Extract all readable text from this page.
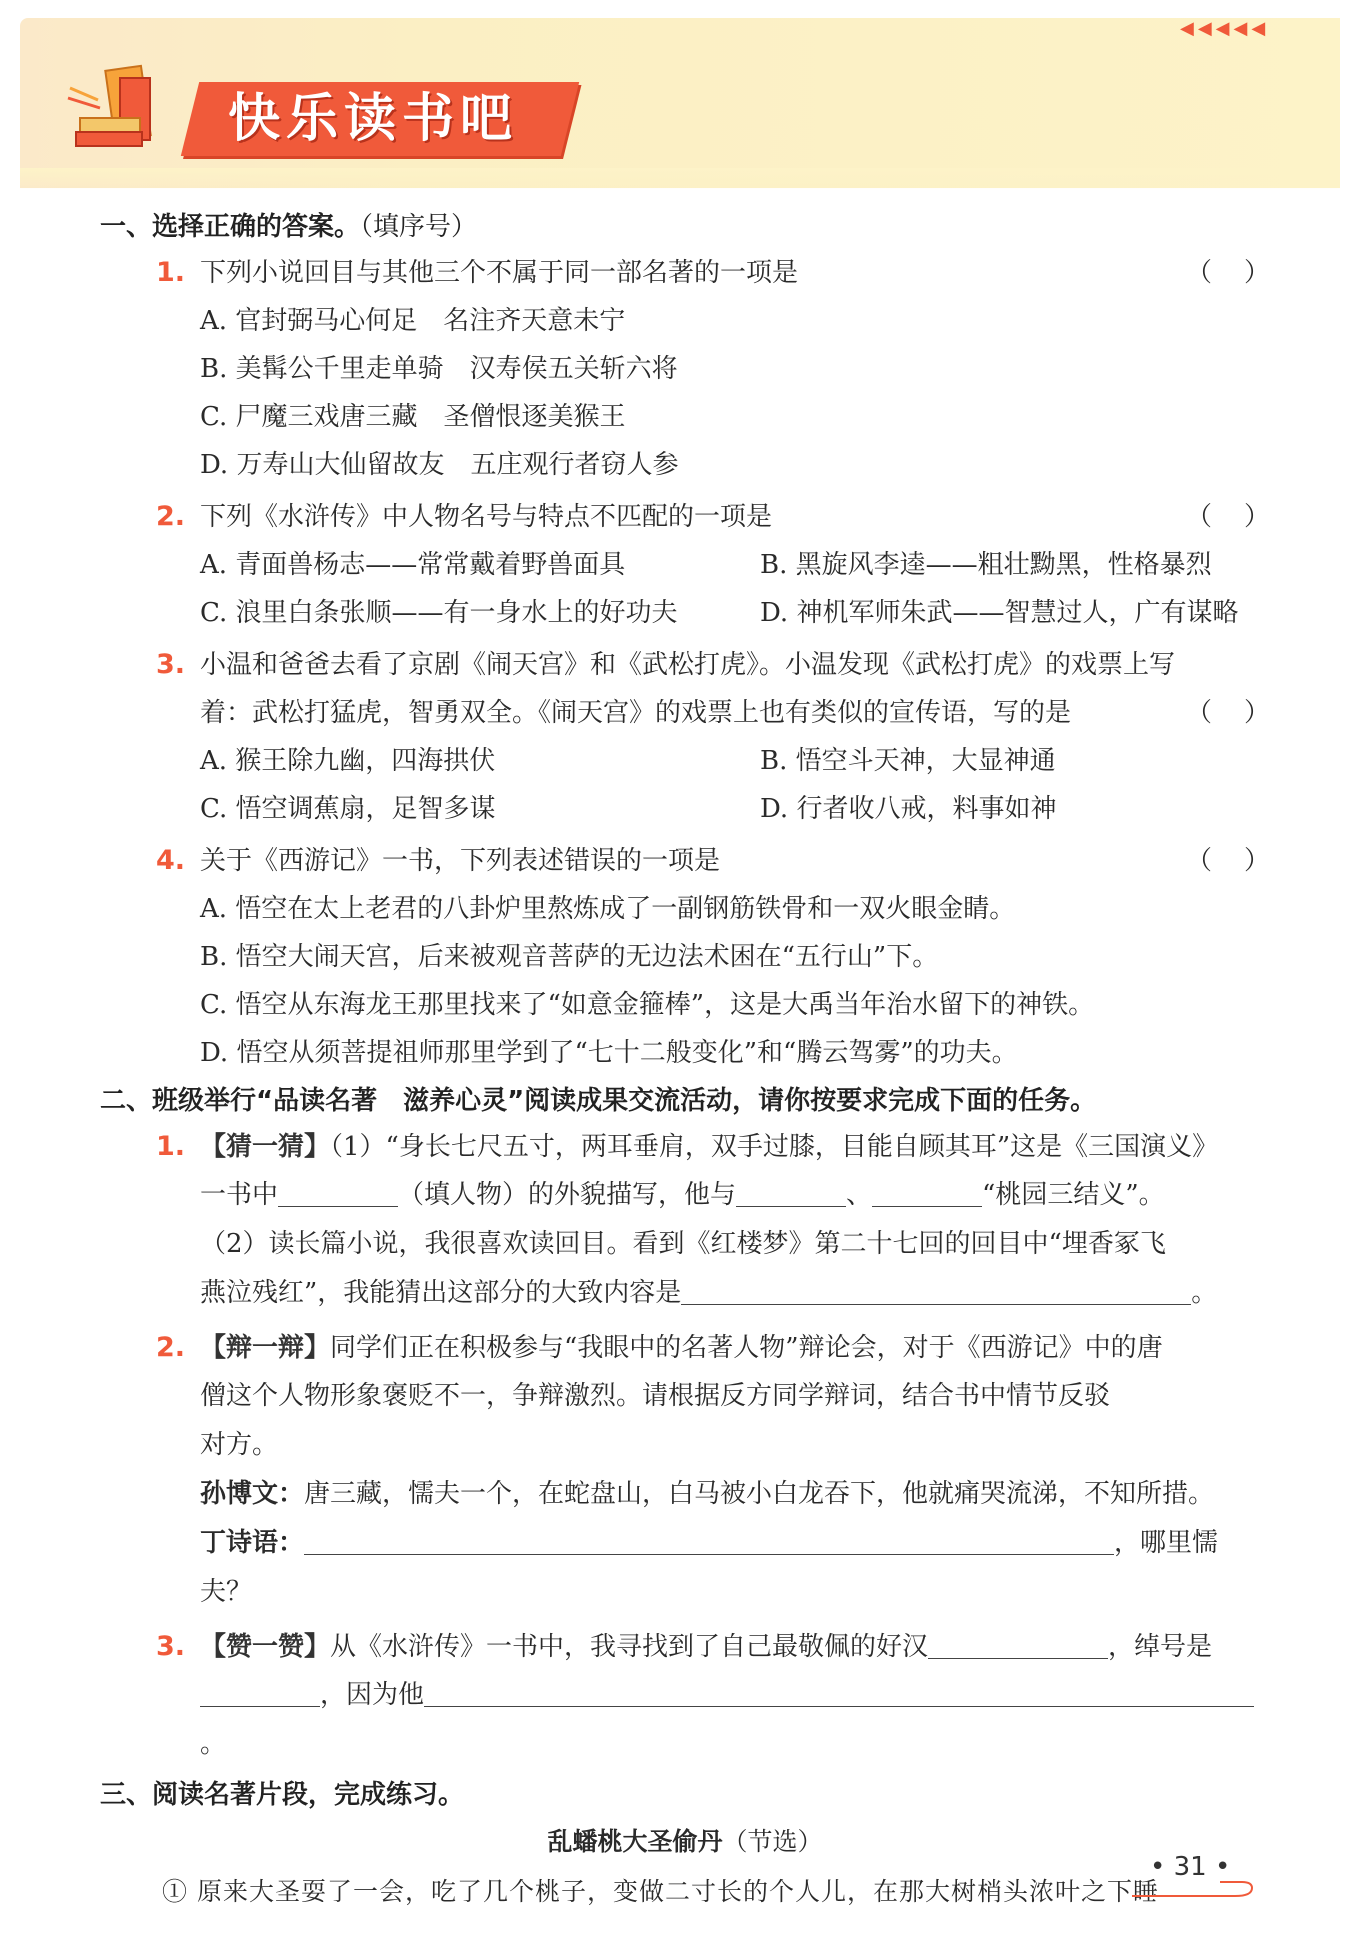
快乐读书吧
◀◀◀◀◀
一、选择正确的答案。（填序号）
1. 下列小说回目与其他三个不属于同一部名著的一项是	（ ）
A. 官封弼马心何足　名注齐天意未宁
B. 美髯公千里走单骑　汉寿侯五关斩六将
C. 尸魔三戏唐三藏　圣僧恨逐美猴王
D. 万寿山大仙留故友　五庄观行者窃人参
2. 下列《水浒传》中人物名号与特点不匹配的一项是	（ ）
A. 青面兽杨志——常常戴着野兽面具	B. 黑旋风李逵——粗壮黝黑，性格暴烈
C. 浪里白条张顺——有一身水上的好功夫	D. 神机军师朱武——智慧过人，广有谋略
3. 小温和爸爸去看了京剧《闹天宫》和《武松打虎》。小温发现《武松打虎》的戏票上写
着：武松打猛虎，智勇双全。《闹天宫》的戏票上也有类似的宣传语，写的是	（ ）
A. 猴王除九幽，四海拱伏	B. 悟空斗天神，大显神通
C. 悟空调蕉扇，足智多谋	D. 行者收八戒，料事如神
4. 关于《西游记》一书，下列表述错误的一项是	（ ）
A. 悟空在太上老君的八卦炉里熬炼成了一副钢筋铁骨和一双火眼金睛。
B. 悟空大闹天宫，后来被观音菩萨的无边法术困在“五行山”下。
C. 悟空从东海龙王那里找来了“如意金箍棒”，这是大禹当年治水留下的神铁。
D. 悟空从须菩提祖师那里学到了“七十二般变化”和“腾云驾雾”的功夫。
二、班级举行“品读名著　滋养心灵”阅读成果交流活动，请你按要求完成下面的任务。
1. 【猜一猜】（1）“身长七尺五寸，两耳垂肩，双手过膝，目能自顾其耳”这是《三国演义》
一书中	（填人物）的外貌描写，他与	、	“桃园三结义”。
（2）读长篇小说，我很喜欢读回目。看到《红楼梦》第二十七回的回目中“埋香冢飞
燕泣残红”，我能猜出这部分的大致内容是	。
2. 【辩一辩】同学们正在积极参与“我眼中的名著人物”辩论会，对于《西游记》中的唐
僧这个人物形象褒贬不一，争辩激烈。请根据反方同学辩词，结合书中情节反驳
对方。
孙博文：唐三藏，懦夫一个，在蛇盘山，白马被小白龙吞下，他就痛哭流涕，不知所措。
丁诗语：	，哪里懦夫？
3. 【赞一赞】从《水浒传》一书中，我寻找到了自己最敬佩的好汉	，绰号是
，因为他。
三、阅读名著片段，完成练习。
乱蟠桃大圣偷丹（节选）
① 原来大圣耍了一会，吃了几个桃子，变做二寸长的个人儿，在那大树梢头浓叶之下睡
• 31 •
